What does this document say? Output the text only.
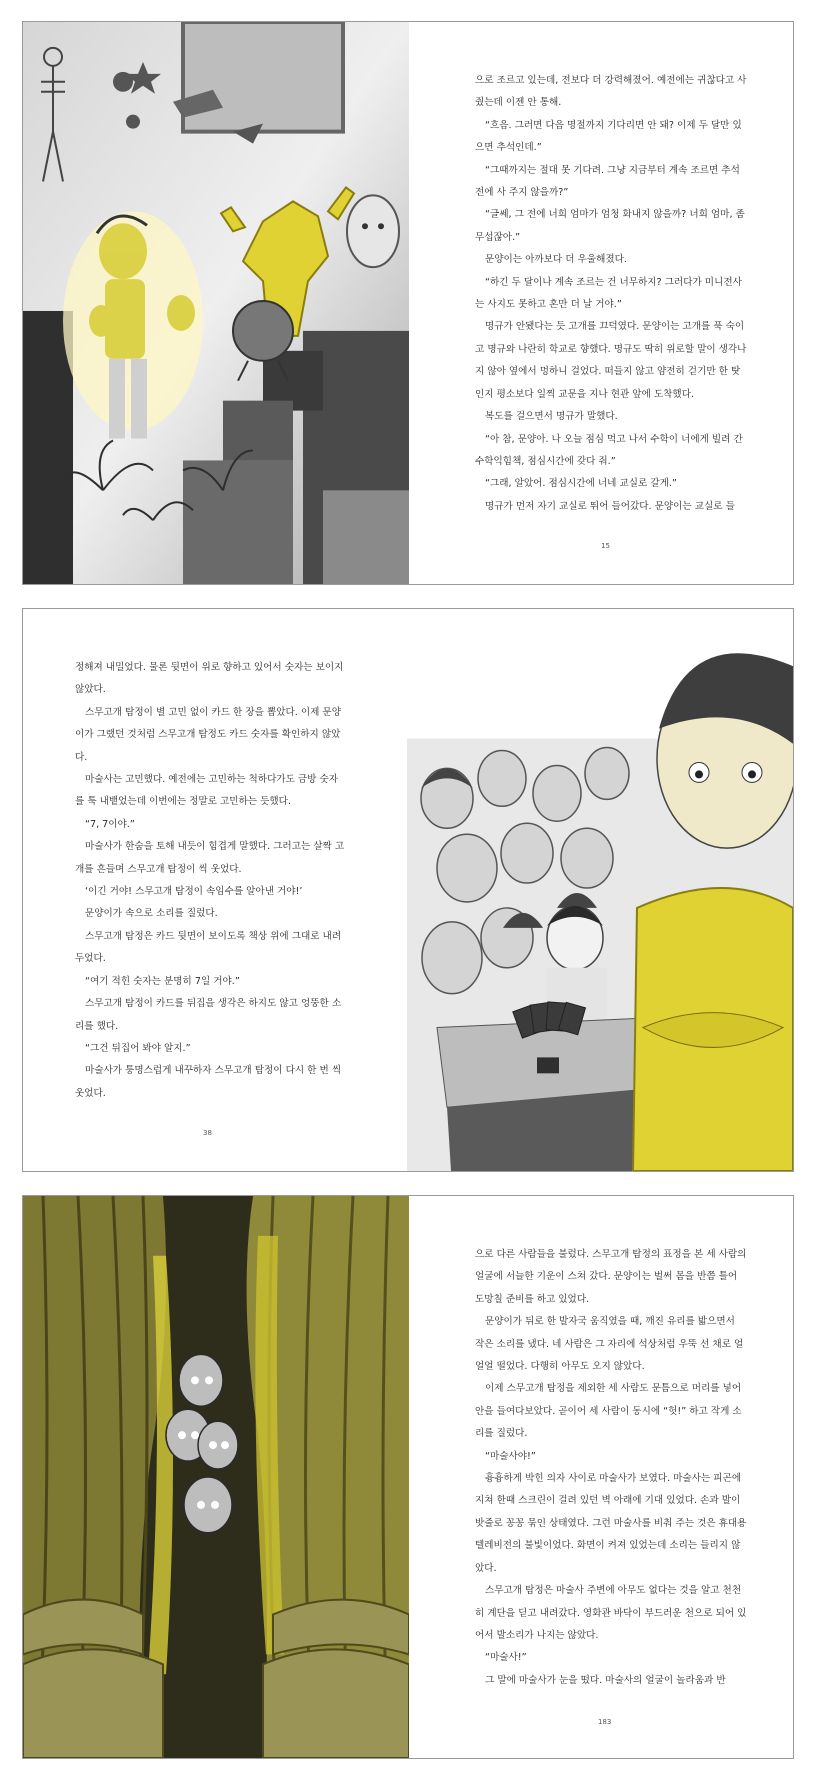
으로 조르고 있는데, 전보다 더 강력해졌어. 예전에는 귀찮다고 사 줬는데 이젠 안 통해.

“흐음. 그러면 다음 명절까지 기다리면 안 돼? 이제 두 달만 있으면 추석인데.”

“그때까지는 절대 못 기다려. 그냥 지금부터 계속 조르면 추석 전에 사 주지 않을까?”

“글쎄, 그 전에 너희 엄마가 엄청 화내지 않을까? 너희 엄마, 좀 무섭잖아.”

문양이는 아까보다 더 우울해졌다.

“하긴 두 달이나 계속 조르는 건 너무하지? 그러다가 미니전사는 사지도 못하고 혼만 더 날 거야.”

명규가 안됐다는 듯 고개를 끄덕였다. 문양이는 고개를 푹 숙이고 명규와 나란히 학교로 향했다. 명규도 딱히 위로할 말이 생각나지 않아 옆에서 멍하니 걸었다. 떠들지 않고 얌전히 걷기만 한 탓인지 평소보다 일찍 교문을 지나 현관 앞에 도착했다.

복도를 걸으면서 명규가 말했다.

“아 참, 문양아. 나 오늘 점심 먹고 나서 수학이 너에게 빌려 간 수학익힘책, 점심시간에 갖다 줘.”

“그래, 알았어. 점심시간에 너네 교실로 갈게.”

명규가 먼저 자기 교실로 뛰어 들어갔다. 문양이는 교실로 들

15

정해져 내밀었다. 물론 뒷면이 위로 향하고 있어서 숫자는 보이지 않았다.

스무고개 탐정이 별 고민 없이 카드 한 장을 뽑았다. 이제 문양이가 그랬던 것처럼 스무고개 탐정도 카드 숫자를 확인하지 않았다.

마술사는 고민했다. 예전에는 고민하는 척하다가도 금방 숫자를 툭 내뱉었는데 이번에는 정말로 고민하는 듯했다.

“7, 7이야.”

마술사가 한숨을 토해 내듯이 힘겹게 말했다. 그러고는 살짝 고개를 흔들며 스무고개 탐정이 씩 웃었다.

‘이긴 거야! 스무고개 탐정이 속임수를 알아낸 거야!’

문양이가 속으로 소리를 질렀다.

스무고개 탐정은 카드 뒷면이 보이도록 책상 위에 그대로 내려 두었다.

“여기 적힌 숫자는 분명히 7일 거야.”

스무고개 탐정이 카드를 뒤집을 생각은 하지도 않고 엉뚱한 소리를 했다.

“그건 뒤집어 봐야 알지.”

마술사가 퉁명스럽게 내꾸하자 스무고개 탐정이 다시 한 번 씩 웃었다.

38

으로 다른 사람들을 불렀다. 스무고개 탐정의 표정을 본 세 사람의 얼굴에 서늘한 기운이 스쳐 갔다. 문양이는 벌써 몸을 반쯤 틀어 도망칠 준비를 하고 있었다.

문양이가 뒤로 한 발자국 움직였을 때, 깨진 유리를 밟으면서 작은 소리를 냈다. 네 사람은 그 자리에 석상처럼 우뚝 선 채로 얼얼얼 떨었다. 다행히 아무도 오지 않았다.

이제 스무고개 탐정을 제외한 세 사람도 문틈으로 머리를 넣어 안을 들여다보았다. 곧이어 세 사람이 동시에 “헛!” 하고 작게 소리를 질렀다.

“마술사야!”

흉흉하게 박힌 의자 사이로 마술사가 보였다. 마술사는 피곤에 지쳐 한때 스크린이 걸려 있던 벽 아래에 기대 있었다. 손과 발이 밧줄로 꽁꽁 묶인 상태였다. 그런 마술사를 비춰 주는 것은 휴대용 텔레비전의 불빛이었다. 화면이 켜져 있었는데 소리는 들리지 않았다.

스무고개 탐정은 마술사 주변에 아무도 없다는 것을 알고 천천히 계단을 딛고 내려갔다. 영화관 바닥이 부드러운 천으로 되어 있어서 발소리가 나지는 않았다.

“마술사!”

그 말에 마술사가 눈을 떴다. 마술사의 얼굴이 놀라움과 반

183
